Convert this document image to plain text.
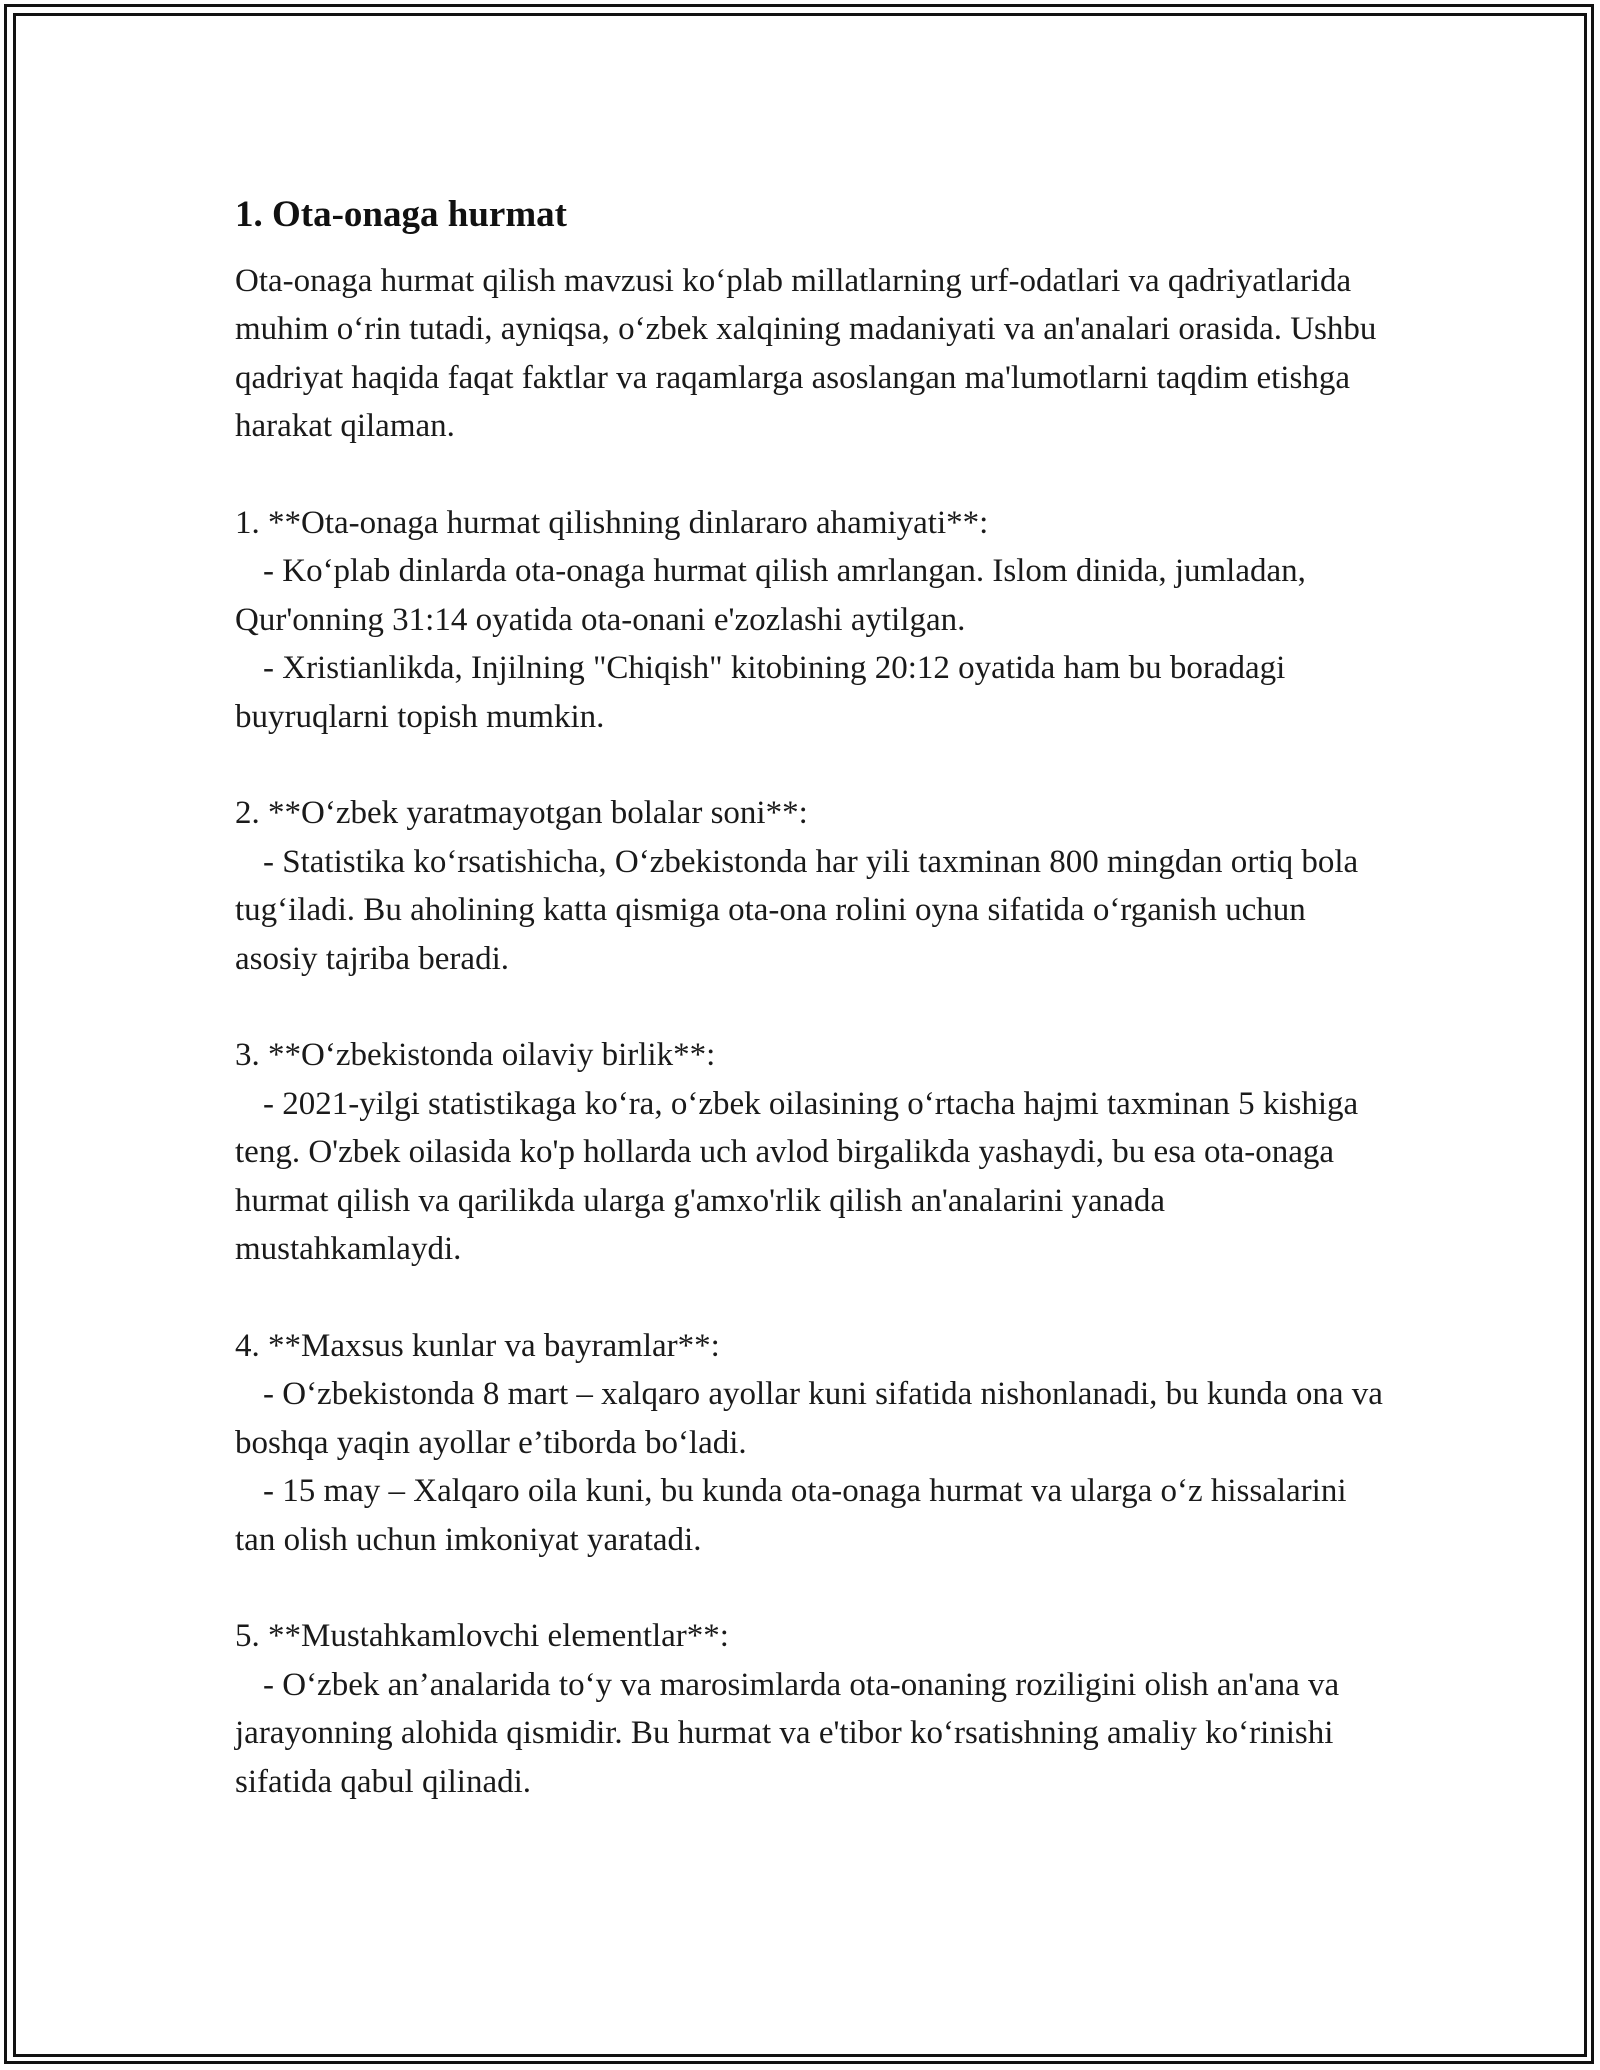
1. Ota-onaga hurmat

Ota-onaga hurmat qilish mavzusi ko‘plab millatlarning urf-odatlari va qadriyatlarida muhim o‘rin tutadi, ayniqsa, o‘zbek xalqining madaniyati va an'analari orasida. Ushbu qadriyat haqida faqat faktlar va raqamlarga asoslangan ma'lumotlarni taqdim etishga harakat qilaman.

1. **Ota-onaga hurmat qilishning dinlararo ahamiyati**:

- Ko‘plab dinlarda ota-onaga hurmat qilish amrlangan. Islom dinida, jumladan, Qur'onning 31:14 oyatida ota-onani e'zozlashi aytilgan.

- Xristianlikda, Injilning "Chiqish" kitobining 20:12 oyatida ham bu boradagi buyruqlarni topish mumkin.

2. **O‘zbek yaratmayotgan bolalar soni**:

- Statistika ko‘rsatishicha, O‘zbekistonda har yili taxminan 800 mingdan ortiq bola tug‘iladi. Bu aholining katta qismiga ota-ona rolini oyna sifatida o‘rganish uchun asosiy tajriba beradi.

3. **O‘zbekistonda oilaviy birlik**:

- 2021-yilgi statistikaga ko‘ra, o‘zbek oilasining o‘rtacha hajmi taxminan 5 kishiga teng. O'zbek oilasida ko'p hollarda uch avlod birgalikda yashaydi, bu esa ota-onaga hurmat qilish va qarilikda ularga g'amxo'rlik qilish an'analarini yanada mustahkamlaydi.

4. **Maxsus kunlar va bayramlar**:

- O‘zbekistonda 8 mart – xalqaro ayollar kuni sifatida nishonlanadi, bu kunda ona va boshqa yaqin ayollar e’tiborda bo‘ladi.

- 15 may – Xalqaro oila kuni, bu kunda ota-onaga hurmat va ularga o‘z hissalarini tan olish uchun imkoniyat yaratadi.

5. **Mustahkamlovchi elementlar**:

- O‘zbek an’analarida to‘y va marosimlarda ota-onaning roziligini olish an'ana va jarayonning alohida qismidir. Bu hurmat va e'tibor ko‘rsatishning amaliy ko‘rinishi sifatida qabul qilinadi.
